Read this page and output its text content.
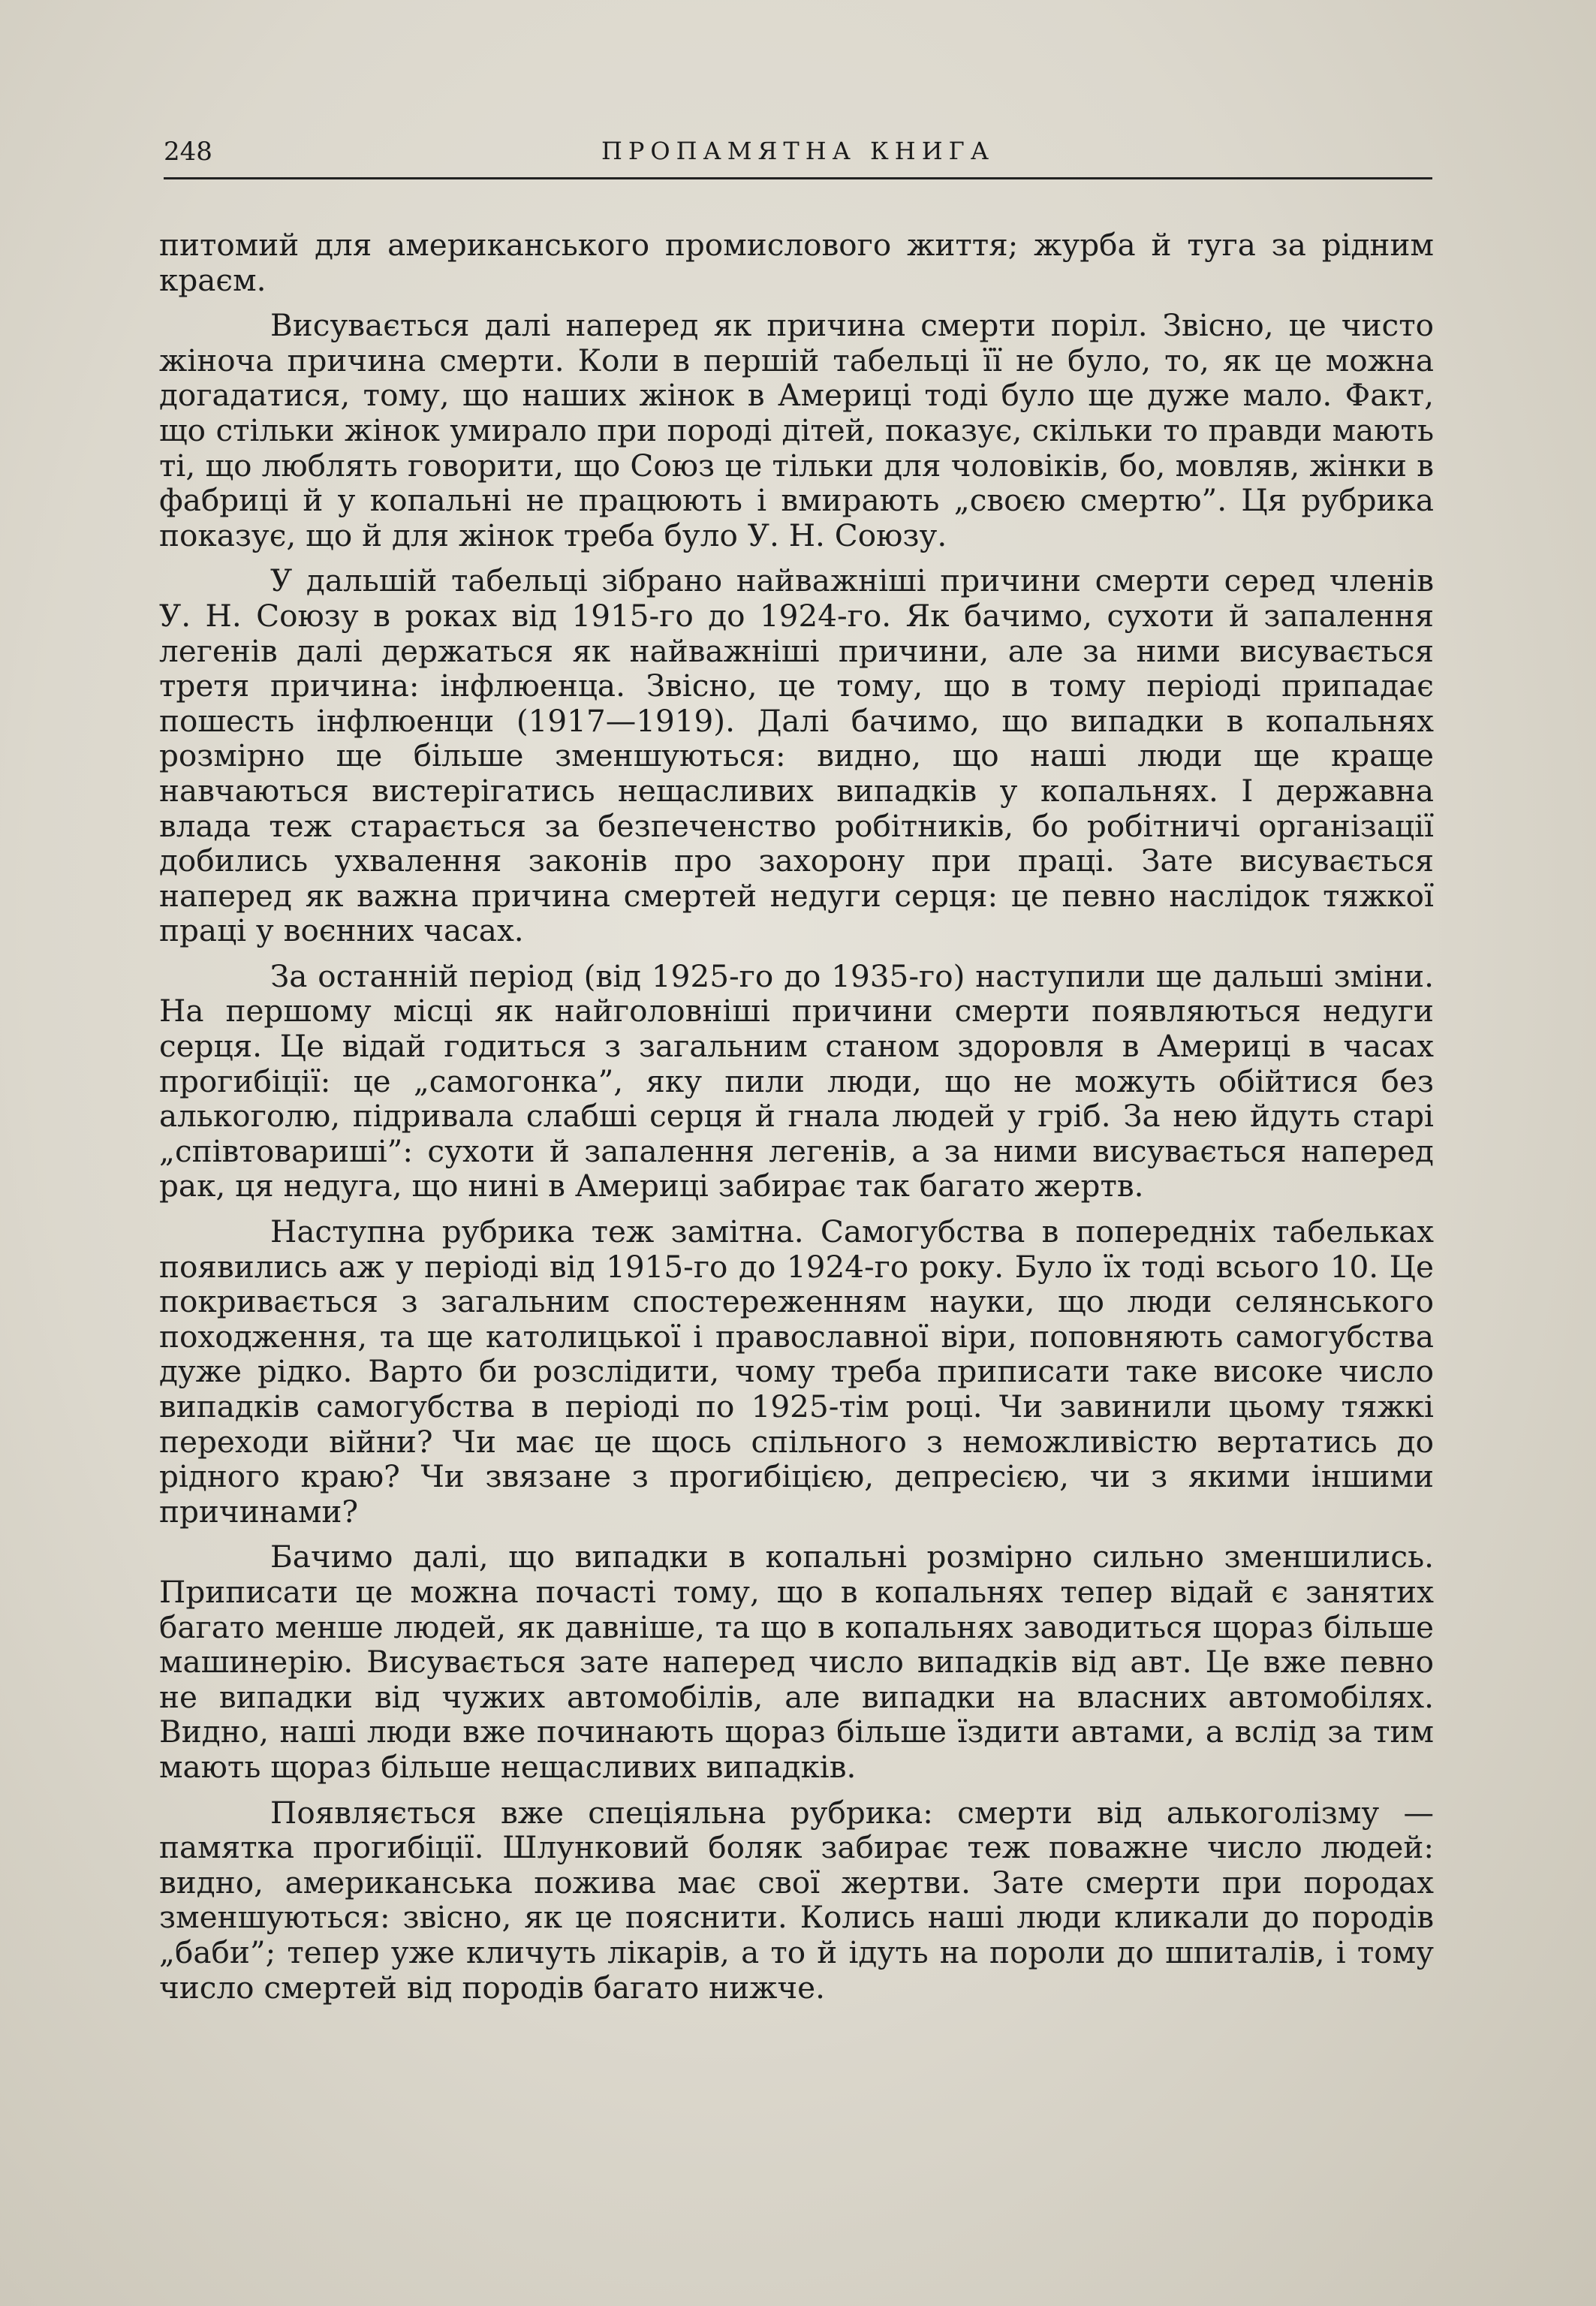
248	ПРОПАМЯТНА КНИГА

питомий для американського промислового життя; журба й туга за рідним краєм.

Висувається далі наперед як причина смерти поріл. Звісно, це чисто жіноча причина смерти. Коли в першій табельці її не було, то, як це можна догадатися, тому, що наших жінок в Америці тоді було ще дуже мало. Факт, що стільки жінок умирало при породі дітей, показує, скільки то правди мають ті, що люблять говорити, що Союз це тільки для чоловіків, бо, мовляв, жінки в фабриці й у копальні не працюють і вмирають „своєю смертю”. Ця рубрика показує, що й для жінок треба було У. Н. Союзу.

У дальшій табельці зібрано найважніші причини смерти серед членів У. Н. Союзу в роках від 1915-го до 1924-го. Як бачимо, сухоти й запалення легенів далі держаться як найважніші причини, але за ними висувається третя причина: інфлюенца. Звісно, це тому, що в тому періоді припадає пошесть інфлюенци (1917—1919). Далі бачимо, що випадки в копальнях розмірно ще більше зменшуються: видно, що наші люди ще краще навчаються вистерігатись нещасливих випадків у копальнях. І державна влада теж старається за безпеченство робітників, бо робітничі організації добились ухвалення законів про захорону при праці. Зате висувається наперед як важна причина смертей недуги серця: це певно наслідок тяжкої праці у воєнних часах.

За останній період (від 1925-го до 1935-го) наступили ще дальші зміни. На першому місці як найголовніші причини смерти появляються недуги серця. Це відай годиться з загальним станом здоровля в Америці в часах прогибіції: це „самогонка”, яку пили люди, що не можуть обійтися без алькоголю, підривала слабші серця й гнала людей у гріб. За нею йдуть старі „співтовариші”: сухоти й запалення легенів, а за ними висувається наперед рак, ця недуга, що нині в Америці забирає так багато жертв.

Наступна рубрика теж замітна. Самогубства в попередніх табельках появились аж у періоді від 1915-го до 1924-го року. Було їх тоді всього 10. Це покривається з загальним спостереженням науки, що люди селянського походження, та ще католицької і православної віри, поповняють самогубства дуже рідко. Варто би розслідити, чому треба приписати таке високе число випадків самогубства в періоді по 1925-тім році. Чи завинили цьому тяжкі переходи війни? Чи має це щось спільного з неможливістю вертатись до рідного краю? Чи звязане з прогибіцією, депресією, чи з якими іншими причинами?

Бачимо далі, що випадки в копальні розмірно сильно зменшились. Приписати це можна почасті тому, що в копальнях тепер відай є занятих багато менше людей, як давніше, та що в копальнях заводиться щораз більше машинерію. Висувається зате наперед число випадків від авт. Це вже певно не випадки від чужих автомобілів, але випадки на власних автомобілях. Видно, наші люди вже починають щораз більше їздити автами, а вслід за тим мають щораз більше нещасливих випадків.

Появляється вже спеціяльна рубрика: смерти від алькоголізму — памятка прогибіції. Шлунковий боляк забирає теж поважне число людей: видно, американська пожива має свої жертви. Зате смерти при породах зменшуються: звісно, як це пояснити. Колись наші люди кликали до породів „баби”; тепер уже кличуть лікарів, а то й ідуть на пороли до шпиталів, і тому число смертей від породів багато нижче.
